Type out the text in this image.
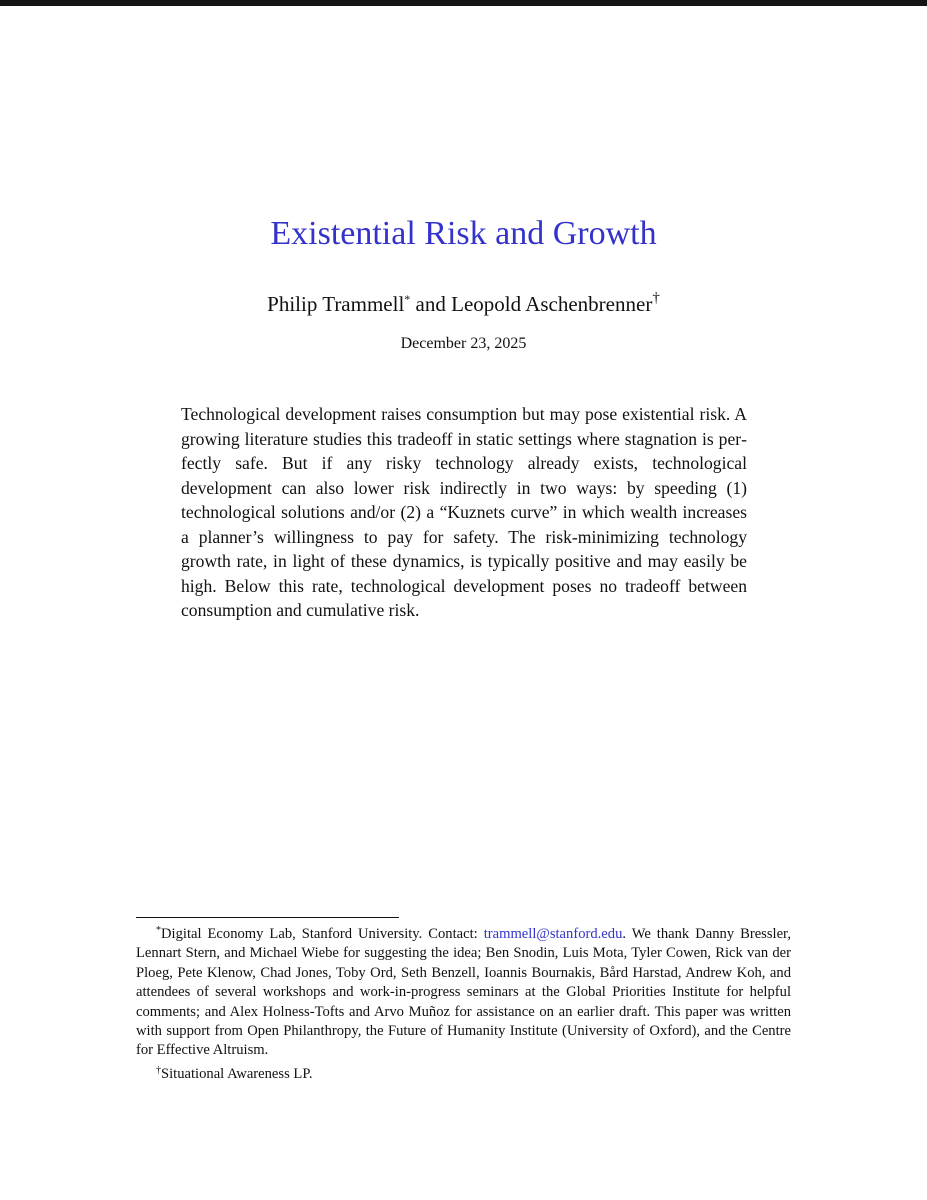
Existential Risk and Growth
Philip Trammell* and Leopold Aschenbrenner†
December 23, 2025

Technological development raises consumption but may pose existential risk. A growing literature studies this tradeoff in static settings where stagnation is perfectly safe. But if any risky technology already exists, technological development can also lower risk indirectly in two ways: by speeding (1) technological solutions and/or (2) a “Kuznets curve” in which wealth increases a planner’s willingness to pay for safety. The risk-minimizing technology growth rate, in light of these dynamics, is typically positive and may easily be high. Below this rate, technological development poses no tradeoff between consumption and cumulative risk.

*Digital Economy Lab, Stanford University. Contact: trammell@stanford.edu. We thank Danny Bressler, Lennart Stern, and Michael Wiebe for suggesting the idea; Ben Snodin, Luis Mota, Tyler Cowen, Rick van der Ploeg, Pete Klenow, Chad Jones, Toby Ord, Seth Benzell, Ioannis Bournakis, Bård Harstad, Andrew Koh, and attendees of several workshops and work-in-progress seminars at the Global Priorities Institute for helpful comments; and Alex Holness-Tofts and Arvo Muñoz for assistance on an earlier draft. This paper was written with support from Open Philanthropy, the Future of Humanity Institute (University of Oxford), and the Centre for Effective Altruism.

†Situational Awareness LP.
